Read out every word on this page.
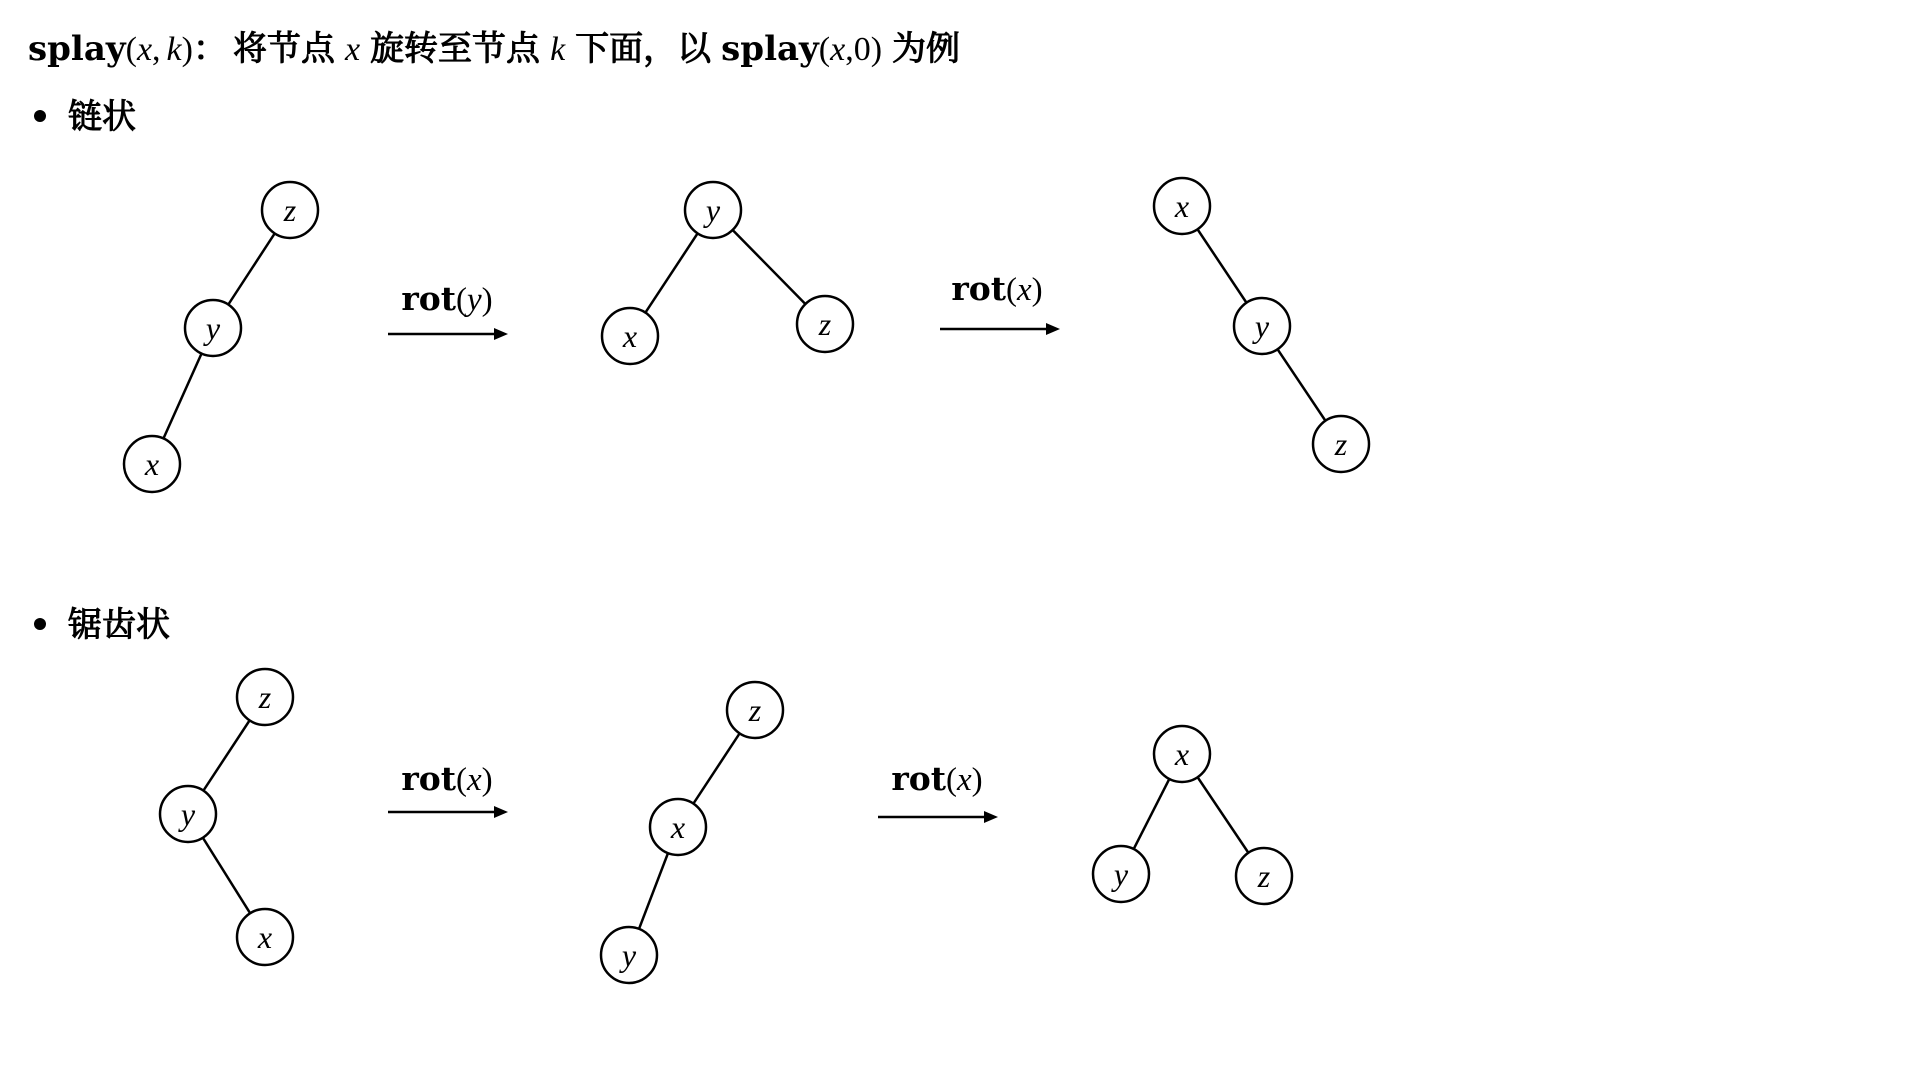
splay(x, k)： 将节点 x 旋转至节点 k 下面，以 splay(x,0) 为例
链状
z
y
x
rot(y)
y
x	z
rot(x)
x
y
z
锯齿状
z
y
x
rot(x)
z
x
y
rot(x)
x
y	z
